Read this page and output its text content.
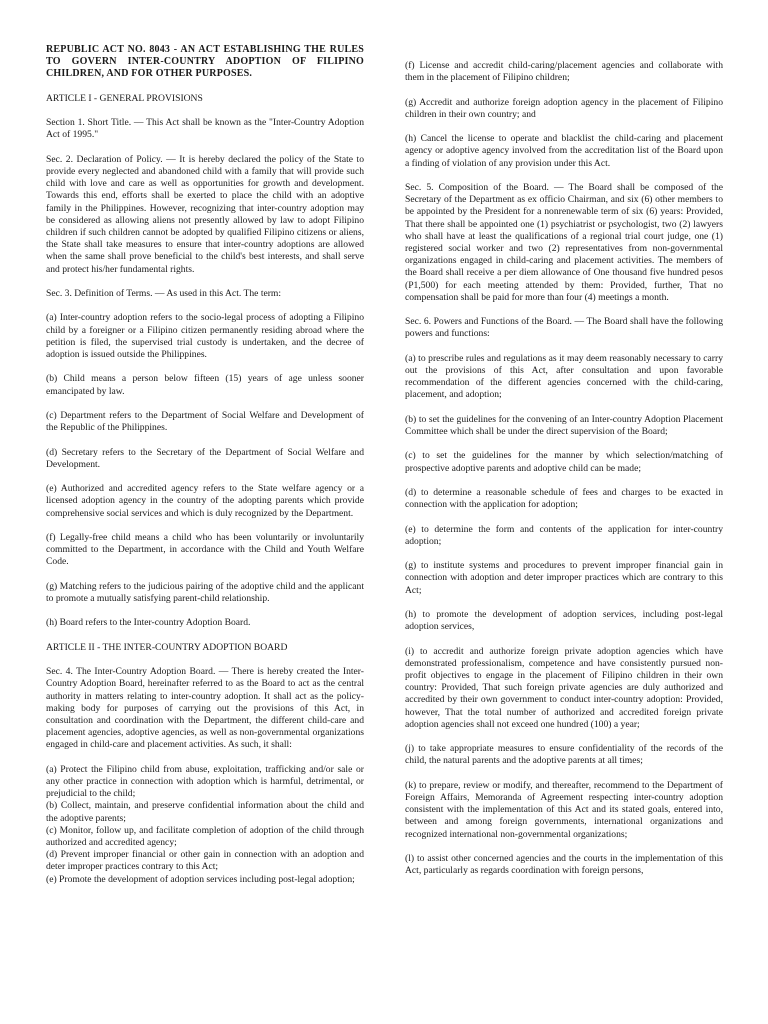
REPUBLIC ACT NO. 8043 - AN ACT ESTABLISHING THE RULES TO GOVERN INTER-COUNTRY ADOPTION OF FILIPINO CHILDREN, AND FOR OTHER PURPOSES.

ARTICLE I - GENERAL PROVISIONS

Section 1. Short Title. — This Act shall be known as the "Inter-Country Adoption Act of 1995."

Sec. 2. Declaration of Policy. — It is hereby declared the policy of the State to provide every neglected and abandoned child with a family that will provide such child with love and care as well as opportunities for growth and development. Towards this end, efforts shall be exerted to place the child with an adoptive family in the Philippines. However, recognizing that inter-country adoption may be considered as allowing aliens not presently allowed by law to adopt Filipino children if such children cannot be adopted by qualified Filipino citizens or aliens, the State shall take measures to ensure that inter-country adoptions are allowed when the same shall prove beneficial to the child's best interests, and shall serve and protect his/her fundamental rights.

Sec. 3. Definition of Terms. — As used in this Act. The term:

(a) Inter-country adoption refers to the socio-legal process of adopting a Filipino child by a foreigner or a Filipino citizen permanently residing abroad where the petition is filed, the supervised trial custody is undertaken, and the decree of adoption is issued outside the Philippines.

(b) Child means a person below fifteen (15) years of age unless sooner emancipated by law.

(c) Department refers to the Department of Social Welfare and Development of the Republic of the Philippines.

(d) Secretary refers to the Secretary of the Department of Social Welfare and Development.

(e) Authorized and accredited agency refers to the State welfare agency or a licensed adoption agency in the country of the adopting parents which provide comprehensive social services and which is duly recognized by the Department.

(f) Legally-free child means a child who has been voluntarily or involuntarily committed to the Department, in accordance with the Child and Youth Welfare Code.

(g) Matching refers to the judicious pairing of the adoptive child and the applicant to promote a mutually satisfying parent-child relationship.

(h) Board refers to the Inter-country Adoption Board.

ARTICLE II - THE INTER-COUNTRY ADOPTION BOARD

Sec. 4. The Inter-Country Adoption Board. — There is hereby created the Inter-Country Adoption Board, hereinafter referred to as the Board to act as the central authority in matters relating to inter-country adoption. It shall act as the policy-making body for purposes of carrying out the provisions of this Act, in consultation and coordination with the Department, the different child-care and placement agencies, adoptive agencies, as well as non-governmental organizations engaged in child-care and placement activities. As such, it shall:

(a) Protect the Filipino child from abuse, exploitation, trafficking and/or sale or any other practice in connection with adoption which is harmful, detrimental, or prejudicial to the child;

(b) Collect, maintain, and preserve confidential information about the child and the adoptive parents;

(c) Monitor, follow up, and facilitate completion of adoption of the child through authorized and accredited agency;

(d) Prevent improper financial or other gain in connection with an adoption and deter improper practices contrary to this Act;

(e) Promote the development of adoption services including post-legal adoption;

(f) License and accredit child-caring/placement agencies and collaborate with them in the placement of Filipino children;

(g) Accredit and authorize foreign adoption agency in the placement of Filipino children in their own country; and

(h) Cancel the license to operate and blacklist the child-caring and placement agency or adoptive agency involved from the accreditation list of the Board upon a finding of violation of any provision under this Act.

Sec. 5. Composition of the Board. — The Board shall be composed of the Secretary of the Department as ex officio Chairman, and six (6) other members to be appointed by the President for a nonrenewable term of six (6) years: Provided, That there shall be appointed one (1) psychiatrist or psychologist, two (2) lawyers who shall have at least the qualifications of a regional trial court judge, one (1) registered social worker and two (2) representatives from non-governmental organizations engaged in child-caring and placement activities. The members of the Board shall receive a per diem allowance of One thousand five hundred pesos (P1,500) for each meeting attended by them: Provided, further, That no compensation shall be paid for more than four (4) meetings a month.

Sec. 6. Powers and Functions of the Board. — The Board shall have the following powers and functions:

(a) to prescribe rules and regulations as it may deem reasonably necessary to carry out the provisions of this Act, after consultation and upon favorable recommendation of the different agencies concerned with the child-caring, placement, and adoption;

(b) to set the guidelines for the convening of an Inter-country Adoption Placement Committee which shall be under the direct supervision of the Board;

(c) to set the guidelines for the manner by which selection/matching of prospective adoptive parents and adoptive child can be made;

(d) to determine a reasonable schedule of fees and charges to be exacted in connection with the application for adoption;

(e) to determine the form and contents of the application for inter-country adoption;

(g) to institute systems and procedures to prevent improper financial gain in connection with adoption and deter improper practices which are contrary to this Act;

(h) to promote the development of adoption services, including post-legal adoption services,

(i) to accredit and authorize foreign private adoption agencies which have demonstrated professionalism, competence and have consistently pursued non-profit objectives to engage in the placement of Filipino children in their own country: Provided, That such foreign private agencies are duly authorized and accredited by their own government to conduct inter-country adoption: Provided, however, That the total number of authorized and accredited foreign private adoption agencies shall not exceed one hundred (100) a year;

(j) to take appropriate measures to ensure confidentiality of the records of the child, the natural parents and the adoptive parents at all times;

(k) to prepare, review or modify, and thereafter, recommend to the Department of Foreign Affairs, Memoranda of Agreement respecting inter-country adoption consistent with the implementation of this Act and its stated goals, entered into, between and among foreign governments, international organizations and recognized international non-governmental organizations;

(l) to assist other concerned agencies and the courts in the implementation of this Act, particularly as regards coordination with foreign persons,
